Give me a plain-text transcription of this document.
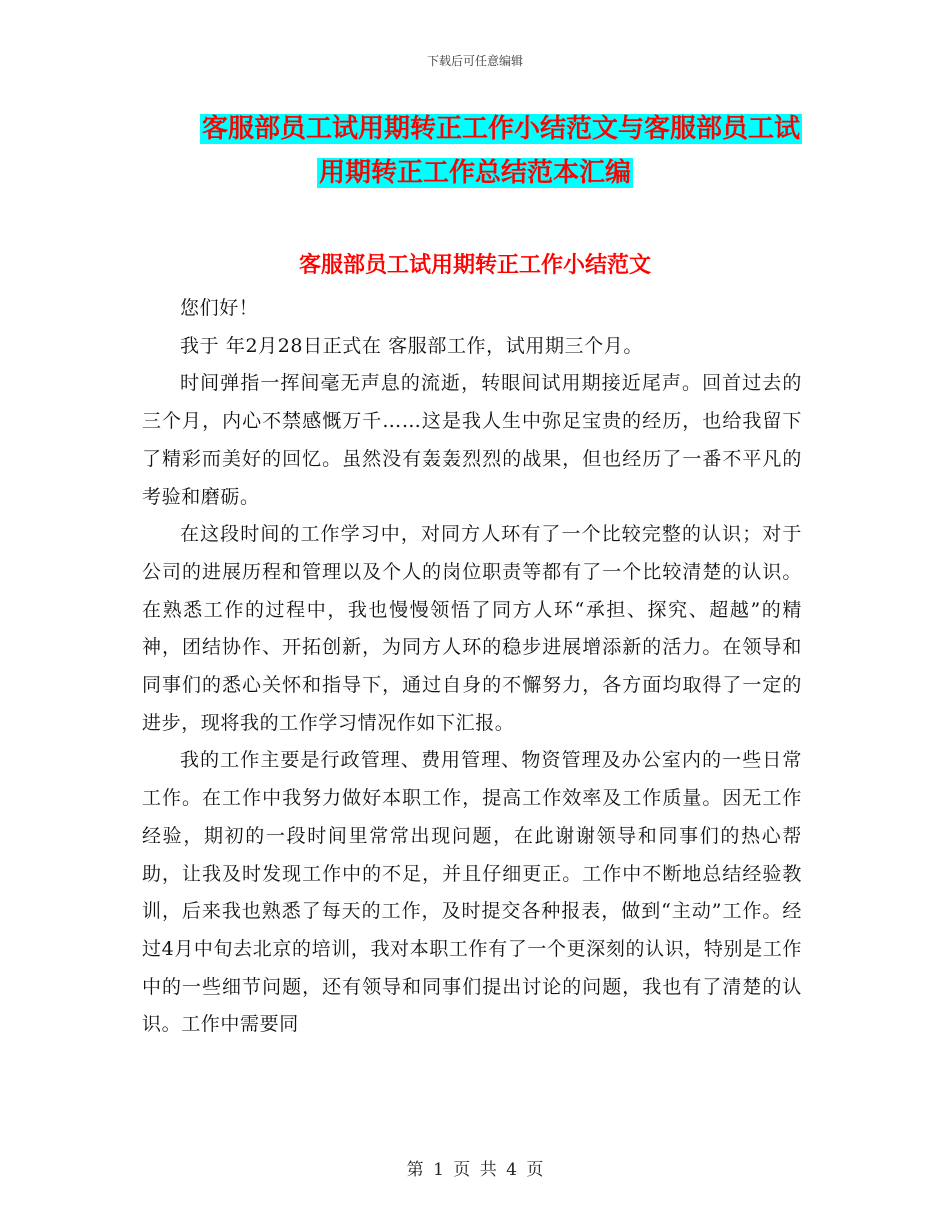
下载后可任意编辑
客服部员工试用期转正工作小结范文与客服部员工试
用期转正工作总结范本汇编
客服部员工试用期转正工作小结范文

您们好！

我于 年2月28日正式在 客服部工作，试用期三个月。

时间弹指一挥间毫无声息的流逝，转眼间试用期接近尾声。回首过去的三个月，内心不禁感慨万千……这是我人生中弥足宝贵的经历，也给我留下了精彩而美好的回忆。虽然没有轰轰烈烈的战果，但也经历了一番不平凡的考验和磨砺。

在这段时间的工作学习中，对同方人环有了一个比较完整的认识；对于公司的进展历程和管理以及个人的岗位职责等都有了一个比较清楚的认识。在熟悉工作的过程中，我也慢慢领悟了同方人环“承担、探究、超越”的精神，团结协作、开拓创新，为同方人环的稳步进展增添新的活力。在领导和同事们的悉心关怀和指导下，通过自身的不懈努力，各方面均取得了一定的进步，现将我的工作学习情况作如下汇报。

我的工作主要是行政管理、费用管理、物资管理及办公室内的一些日常工作。在工作中我努力做好本职工作，提高工作效率及工作质量。因无工作经验，期初的一段时间里常常出现问题，在此谢谢领导和同事们的热心帮助，让我及时发现工作中的不足，并且仔细更正。工作中不断地总结经验教训，后来我也熟悉了每天的工作，及时提交各种报表，做到“主动”工作。经过4月中旬去北京的培训，我对本职工作有了一个更深刻的认识，特别是工作中的一些细节问题，还有领导和同事们提出讨论的问题，我也有了清楚的认识。工作中需要同

第 1 页 共 4 页
